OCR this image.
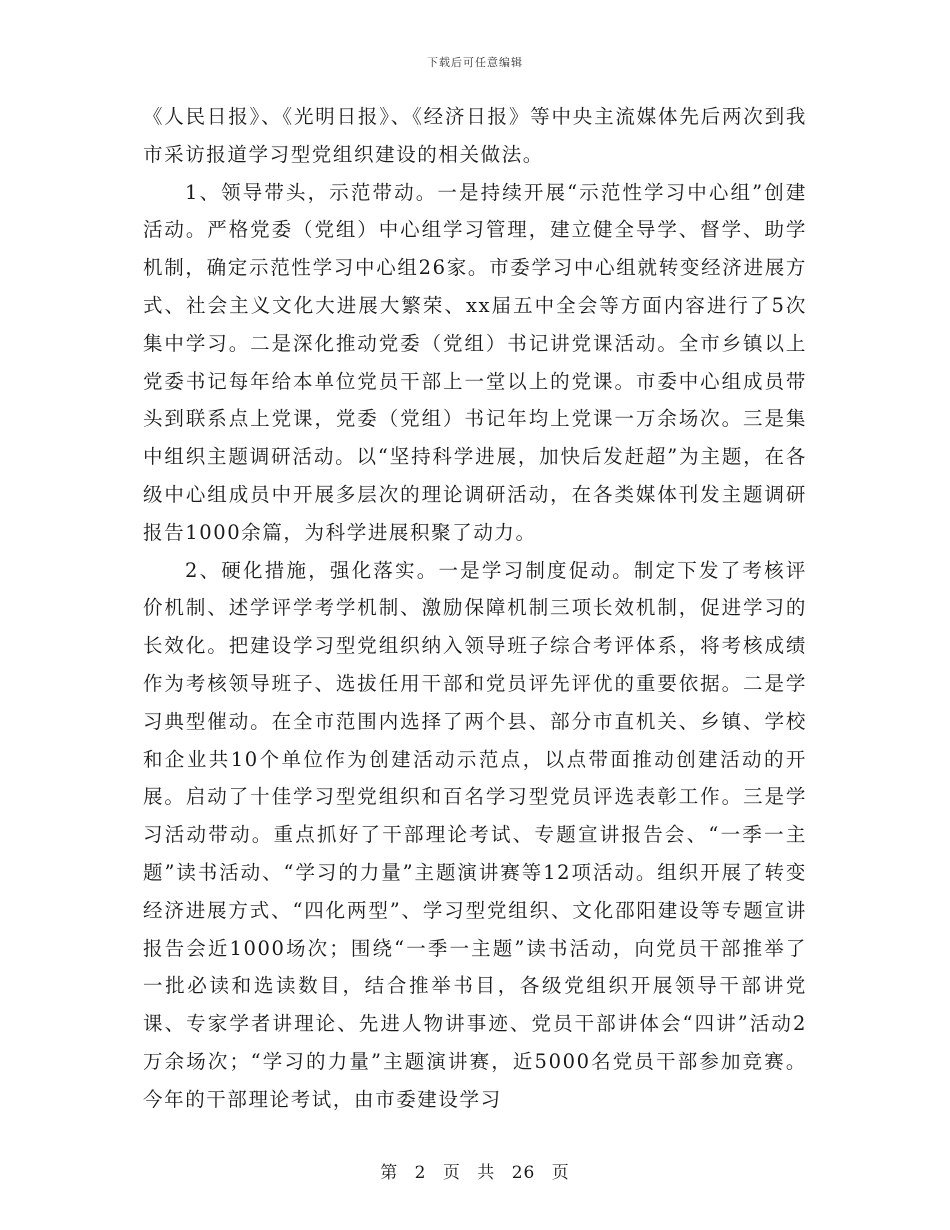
下载后可任意编辑

《人民日报》、《光明日报》、《经济日报》等中央主流媒体先后两次到我市采访报道学习型党组织建设的相关做法。

1、领导带头，示范带动。一是持续开展“示范性学习中心组”创建活动。严格党委（党组）中心组学习管理，建立健全导学、督学、助学机制，确定示范性学习中心组26家。市委学习中心组就转变经济进展方式、社会主义文化大进展大繁荣、xx届五中全会等方面内容进行了5次集中学习。二是深化推动党委（党组）书记讲党课活动。全市乡镇以上党委书记每年给本单位党员干部上一堂以上的党课。市委中心组成员带头到联系点上党课，党委（党组）书记年均上党课一万余场次。三是集中组织主题调研活动。以“坚持科学进展，加快后发赶超”为主题，在各级中心组成员中开展多层次的理论调研活动，在各类媒体刊发主题调研报告1000余篇，为科学进展积聚了动力。

2、硬化措施，强化落实。一是学习制度促动。制定下发了考核评价机制、述学评学考学机制、激励保障机制三项长效机制，促进学习的长效化。把建设学习型党组织纳入领导班子综合考评体系，将考核成绩作为考核领导班子、选拔任用干部和党员评先评优的重要依据。二是学习典型催动。在全市范围内选择了两个县、部分市直机关、乡镇、学校和企业共10个单位作为创建活动示范点，以点带面推动创建活动的开展。启动了十佳学习型党组织和百名学习型党员评选表彰工作。三是学习活动带动。重点抓好了干部理论考试、专题宣讲报告会、“一季一主题”读书活动、“学习的力量”主题演讲赛等12项活动。组织开展了转变经济进展方式、“四化两型”、学习型党组织、文化邵阳建设等专题宣讲报告会近1000场次；围绕“一季一主题”读书活动，向党员干部推举了一批必读和选读数目，结合推举书目，各级党组织开展领导干部讲党课、专家学者讲理论、先进人物讲事迹、党员干部讲体会“四讲”活动2万余场次；“学习的力量”主题演讲赛，近5000名党员干部参加竞赛。今年的干部理论考试，由市委建设学习

第 2 页 共 26 页
